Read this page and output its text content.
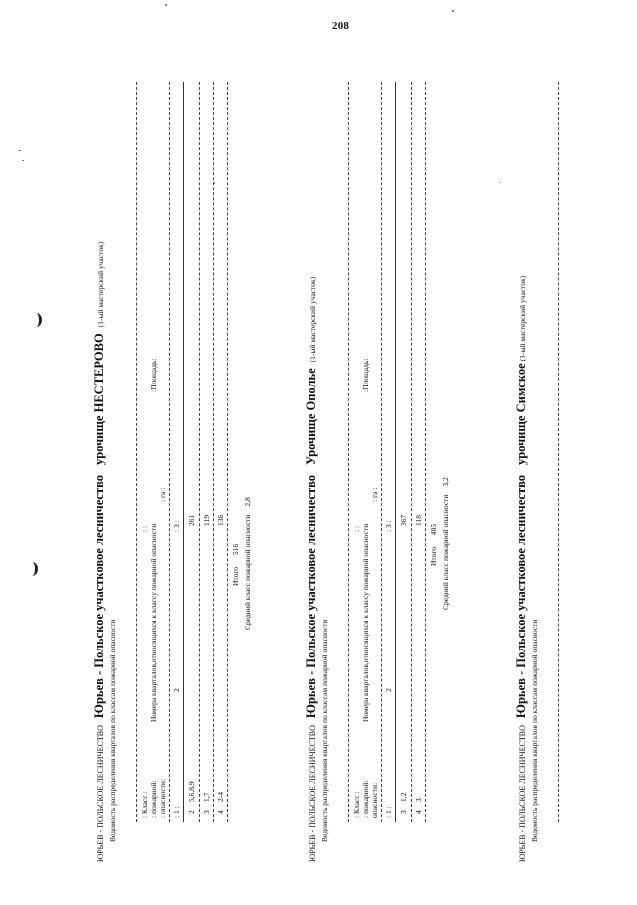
208
ЮРЬЕВ - ПОЛЬСКОЕ ЛЕСНИЧЕСТВО Юрьев - Польское участковое лесничество урочище НЕСТЕРОВО (1-ый мастерский участок)
Ведомость распределения кварталов по классам пожарной опасности	: Класс : : пожарной: : опасности:
: : Номера кварталов,относящихся к классу пожарной опасности
:Площадь:
: га :
: 1 :
2
: 3 :
2
5,6,8,9
261
3
1,7
119
4
2-4
136
Итого 516 Средний класс пожарной опасности 2,8
ЮРЬЕВ - ПОЛЬСКОЕ ЛЕСНИЧЕСТВО Юрьев - Польское участковое лесничество Урочище Ополье (1-ый мастерский участок)
Ведомость распределения кварталов по классам пожарной опасности	: Класс : : пожарной: опасности:
: : Номера кварталов,относящихся к классу пожарной опасности
:Площадь:
: га :
: 1 :
2
: 3 :
3
1,2
367
4
3
118
Итого 485 Средний класс пожарной опасности 3,2
ЮРЬЕВ - ПОЛЬСКОЕ ЛЕСНИЧЕСТВО Юрьев - Польское участковое лесничество урочище Симское (1-ый мастерский участок)
Ведомость распределения кварталов по классам пожарной опасности
